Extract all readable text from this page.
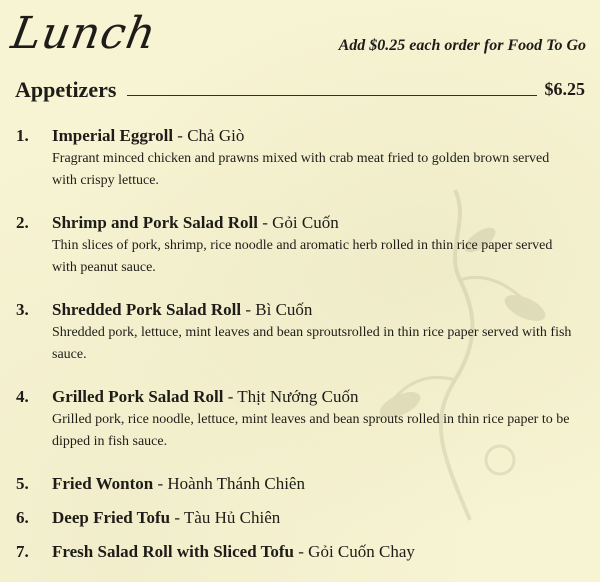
Lunch	Add $0.25 each order for Food To Go
Appetizers	$6.25
1.	Imperial Eggroll - Chả Giò
Fragrant minced chicken and prawns mixed with crab meat fried to golden brown served with crispy lettuce.
2.	Shrimp and Pork Salad Roll - Gỏi Cuốn
Thin slices of pork, shrimp, rice noodle and aromatic herb rolled in thin rice paper served with peanut sauce.
3.	Shredded Pork Salad Roll - Bì Cuốn
Shredded pork, lettuce, mint leaves and bean sproutsrolled in thin rice paper served with fish sauce.
4.	Grilled Pork Salad Roll - Thịt Nướng Cuốn
Grilled pork, rice noodle, lettuce, mint leaves and bean sprouts rolled in thin rice paper to be dipped in fish sauce.
5.	Fried Wonton - Hoành Thánh Chiên
6.	Deep Fried Tofu - Tàu Hủ Chiên
7.	Fresh Salad Roll with Sliced Tofu - Gỏi Cuốn Chay
